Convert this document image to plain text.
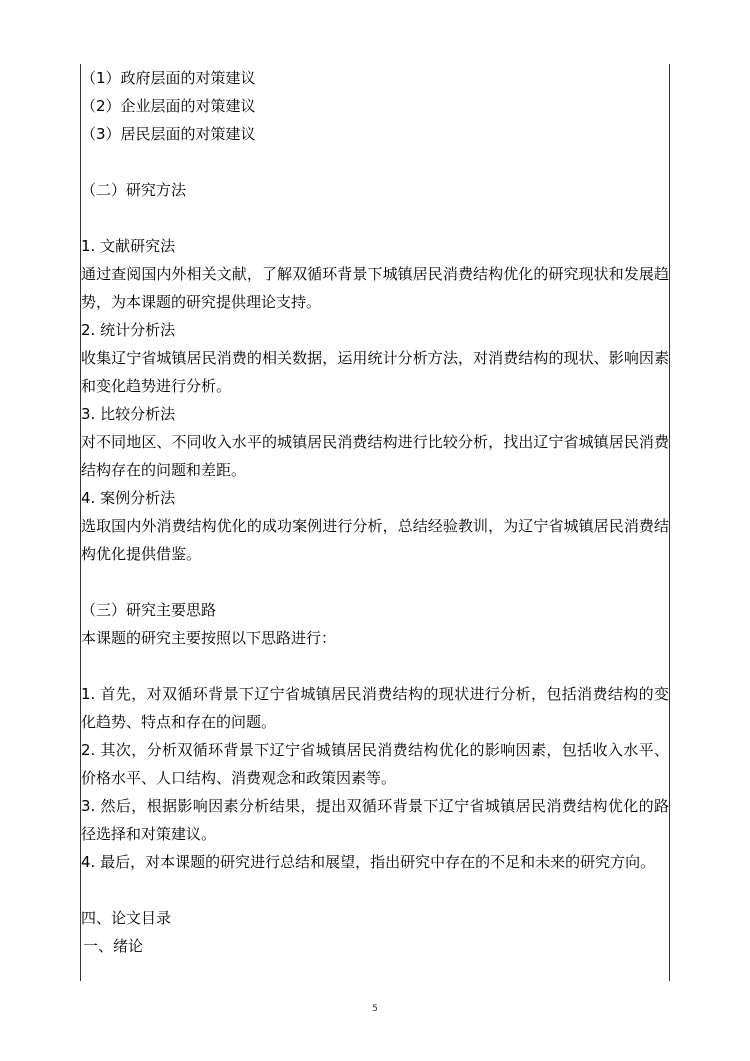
（1）政府层面的对策建议
（2）企业层面的对策建议
（3）居民层面的对策建议
（二）研究方法
1. 文献研究法
通过查阅国内外相关文献，了解双循环背景下城镇居民消费结构优化的研究现状和发展趋势，为本课题的研究提供理论支持。
2. 统计分析法
收集辽宁省城镇居民消费的相关数据，运用统计分析方法，对消费结构的现状、影响因素和变化趋势进行分析。
3. 比较分析法
对不同地区、不同收入水平的城镇居民消费结构进行比较分析，找出辽宁省城镇居民消费结构存在的问题和差距。
4. 案例分析法
选取国内外消费结构优化的成功案例进行分析，总结经验教训，为辽宁省城镇居民消费结构优化提供借鉴。
（三）研究主要思路
本课题的研究主要按照以下思路进行：
1. 首先，对双循环背景下辽宁省城镇居民消费结构的现状进行分析，包括消费结构的变化趋势、特点和存在的问题。
2. 其次，分析双循环背景下辽宁省城镇居民消费结构优化的影响因素，包括收入水平、价格水平、人口结构、消费观念和政策因素等。
3. 然后，根据影响因素分析结果，提出双循环背景下辽宁省城镇居民消费结构优化的路径选择和对策建议。
4. 最后，对本课题的研究进行总结和展望，指出研究中存在的不足和未来的研究方向。
四、论文目录
一、绪论
5
